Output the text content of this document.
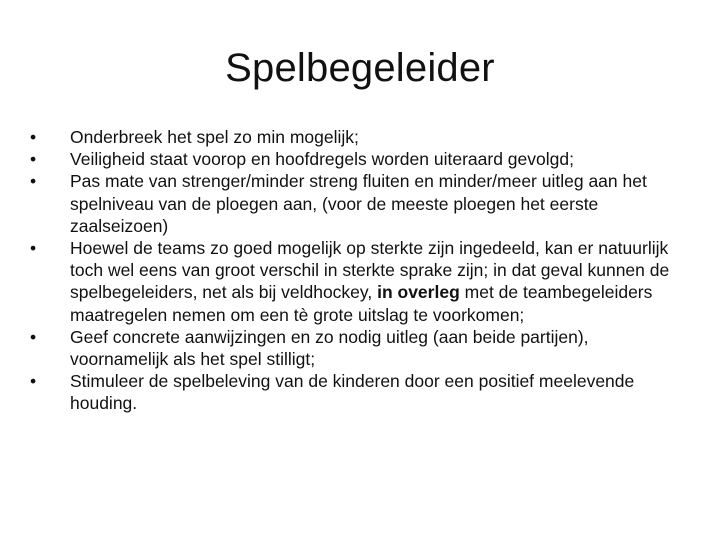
Spelbegeleider
•	Onderbreek het spel zo min mogelijk;
•	Veiligheid staat voorop en hoofdregels worden uiteraard gevolgd;
•	Pas mate van strenger/minder streng fluiten en minder/meer uitleg aan het spelniveau van de ploegen aan, (voor de meeste ploegen het eerste zaalseizoen)
•	Hoewel de teams zo goed mogelijk op sterkte zijn ingedeeld, kan er natuurlijk toch wel eens van groot verschil in sterkte sprake zijn; in dat geval kunnen de spelbegeleiders, net als bij veldhockey, in overleg met de teambegeleiders maatregelen nemen om een tè grote uitslag te voorkomen;
•	Geef concrete aanwijzingen en zo nodig uitleg (aan beide partijen), voornamelijk als het spel stilligt;
•	Stimuleer de spelbeleving van de kinderen door een positief meelevende houding.
